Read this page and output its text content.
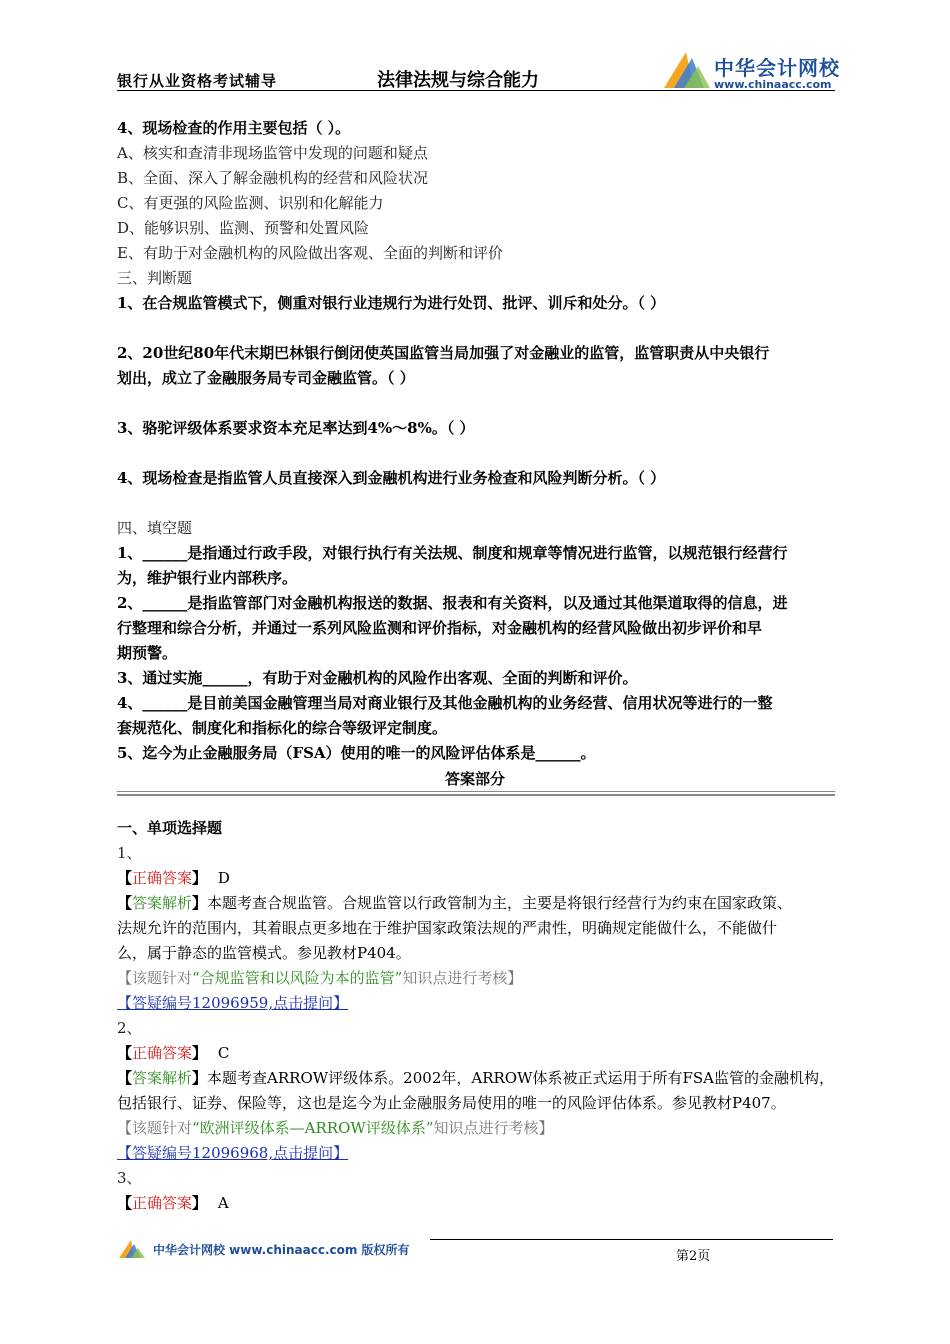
银行从业资格考试辅导	法律法规与综合能力
中华会计网校
www.chinaacc.com
4、现场检查的作用主要包括（ ）。
A、核实和查清非现场监管中发现的问题和疑点
B、全面、深入了解金融机构的经营和风险状况
C、有更强的风险监测、识别和化解能力
D、能够识别、监测、预警和处置风险
E、有助于对金融机构的风险做出客观、全面的判断和评价
三、判断题
1、在合规监管模式下，侧重对银行业违规行为进行处罚、批评、训斥和处分。（ ）
2、20世纪80年代末期巴林银行倒闭使英国监管当局加强了对金融业的监管，监管职责从中央银行
划出，成立了金融服务局专司金融监管。（ ）
3、骆驼评级体系要求资本充足率达到4%～8%。（ ）
4、现场检查是指监管人员直接深入到金融机构进行业务检查和风险判断分析。（ ）
四、填空题
1、______是指通过行政手段，对银行执行有关法规、制度和规章等情况进行监管，以规范银行经营行
为，维护银行业内部秩序。
2、______是指监管部门对金融机构报送的数据、报表和有关资料，以及通过其他渠道取得的信息，进
行整理和综合分析，并通过一系列风险监测和评价指标，对金融机构的经营风险做出初步评价和早
期预警。
3、通过实施______，有助于对金融机构的风险作出客观、全面的判断和评价。
4、______是目前美国金融管理当局对商业银行及其他金融机构的业务经营、信用状况等进行的一整
套规范化、制度化和指标化的综合等级评定制度。
5、迄今为止金融服务局（FSA）使用的唯一的风险评估体系是______。
答案部分
一、单项选择题
1、
【正确答案】 D
【答案解析】本题考查合规监管。合规监管以行政管制为主，主要是将银行经营行为约束在国家政策、
法规允许的范围内，其着眼点更多地在于维护国家政策法规的严肃性，明确规定能做什么，不能做什
么，属于静态的监管模式。参见教材P404。
【该题针对“合规监管和以风险为本的监管”知识点进行考核】
【答疑编号12096959,点击提问】
2、
【正确答案】 C
【答案解析】本题考查ARROW评级体系。2002年，ARROW体系被正式运用于所有FSA监管的金融机构，
包括银行、证券、保险等，这也是迄今为止金融服务局使用的唯一的风险评估体系。参见教材P407。
【该题针对“欧洲评级体系—ARROW评级体系”知识点进行考核】
【答疑编号12096968,点击提问】
3、
【正确答案】 A
中华会计网校 www.chinaacc.com 版权所有	第2页
